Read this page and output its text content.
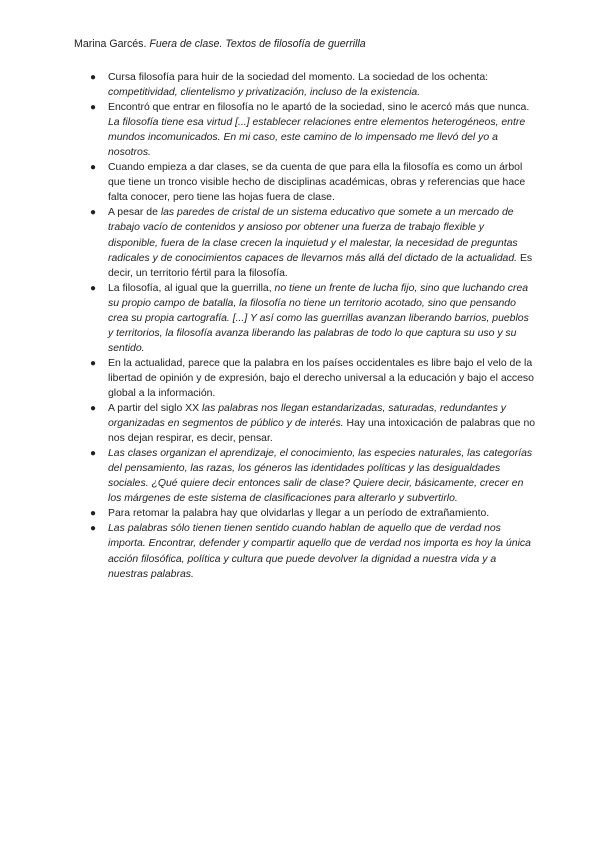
Marina Garcés. Fuera de clase. Textos de filosofía de guerrilla
● Cursa filosofía para huir de la sociedad del momento. La sociedad de los ochenta: competitividad, clientelismo y privatización, incluso de la existencia.
● Encontró que entrar en filosofía no le apartó de la sociedad, sino le acercó más que nunca. La filosofía tiene esa virtud [...] establecer relaciones entre elementos heterogéneos, entre mundos incomunicados. En mi caso, este camino de lo impensado me llevó del yo a nosotros.
● Cuando empieza a dar clases, se da cuenta de que para ella la filosofía es como un árbol que tiene un tronco visible hecho de disciplinas académicas, obras y referencias que hace falta conocer, pero tiene las hojas fuera de clase.
● A pesar de las paredes de cristal de un sistema educativo que somete a un mercado de trabajo vacío de contenidos y ansioso por obtener una fuerza de trabajo flexible y disponible, fuera de la clase crecen la inquietud y el malestar, la necesidad de preguntas radicales y de conocimientos capaces de llevarnos más allá del dictado de la actualidad. Es decir, un territorio fértil para la filosofía.
● La filosofía, al igual que la guerrilla, no tiene un frente de lucha fijo, sino que luchando crea su propio campo de batalla, la filosofía no tiene un territorio acotado, sino que pensando crea su propia cartografía. [...] Y así como las guerrillas avanzan liberando barrios, pueblos y territorios, la filosofía avanza liberando las palabras de todo lo que captura su uso y su sentido.
● En la actualidad, parece que la palabra en los países occidentales es libre bajo el velo de la libertad de opinión y de expresión, bajo el derecho universal a la educación y bajo el acceso global a la información.
● A partir del siglo XX las palabras nos llegan estandarizadas, saturadas, redundantes y organizadas en segmentos de público y de interés. Hay una intoxicación de palabras que no nos dejan respirar, es decir, pensar.
● Las clases organizan el aprendizaje, el conocimiento, las especies naturales, las categorías del pensamiento, las razas, los géneros las identidades políticas y las desigualdades sociales. ¿Qué quiere decir entonces salir de clase? Quiere decir, básicamente, crecer en los márgenes de este sistema de clasificaciones para alterarlo y subvertirlo.
● Para retomar la palabra hay que olvidarlas y llegar a un período de extrañamiento.
● Las palabras sólo tienen tienen sentido cuando hablan de aquello que de verdad nos importa. Encontrar, defender y compartir aquello que de verdad nos importa es hoy la única acción filosófica, política y cultura que puede devolver la dignidad a nuestra vida y a nuestras palabras.
